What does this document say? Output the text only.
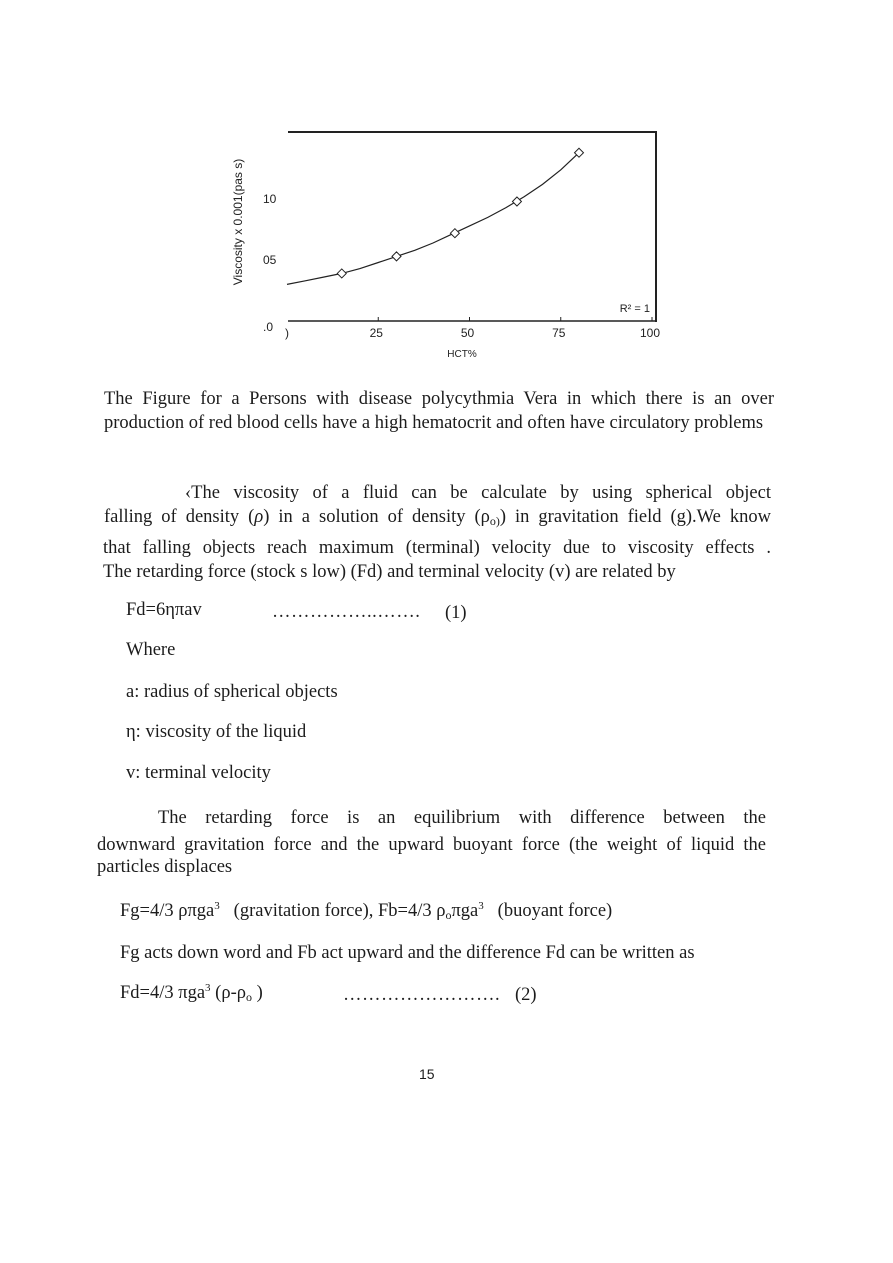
25	50	75	100
05
10
HCT%
Viscosity x 0.001(pas s)
R² = 1
.0 )

The Figure for a Persons with disease polycythmia Vera in which there is an over production of red blood cells have a high hematocrit and often have circulatory problems

‹The viscosity of a fluid can be calculate by using spherical object
falling of density (ρ) in a solution of density $(\rho_{o)})$ in gravitation field (g).We know
that falling objects reach maximum (terminal) velocity due to viscosity effects .
The retarding force (stock s low) (Fd) and terminal velocity (v) are related by
Fd=6ηπav	……………..……. (1)
Where
a: radius of spherical objects
η: viscosity of the liquid
v: terminal velocity
The retarding force is an equilibrium with difference between the
downward gravitation force and the upward buoyant force (the weight of liquid the
particles displaces
Fg=4/3 ρπga$^3$ (gravitation force), Fb=4/3 $\rho_o\pi ga^3$ (buoyant force)
Fg acts down word and Fb act upward and the difference Fd can be written as
Fd=4/3 πga$^3$ ($\rho-\rho_o$ )	……………………. (2)
15
